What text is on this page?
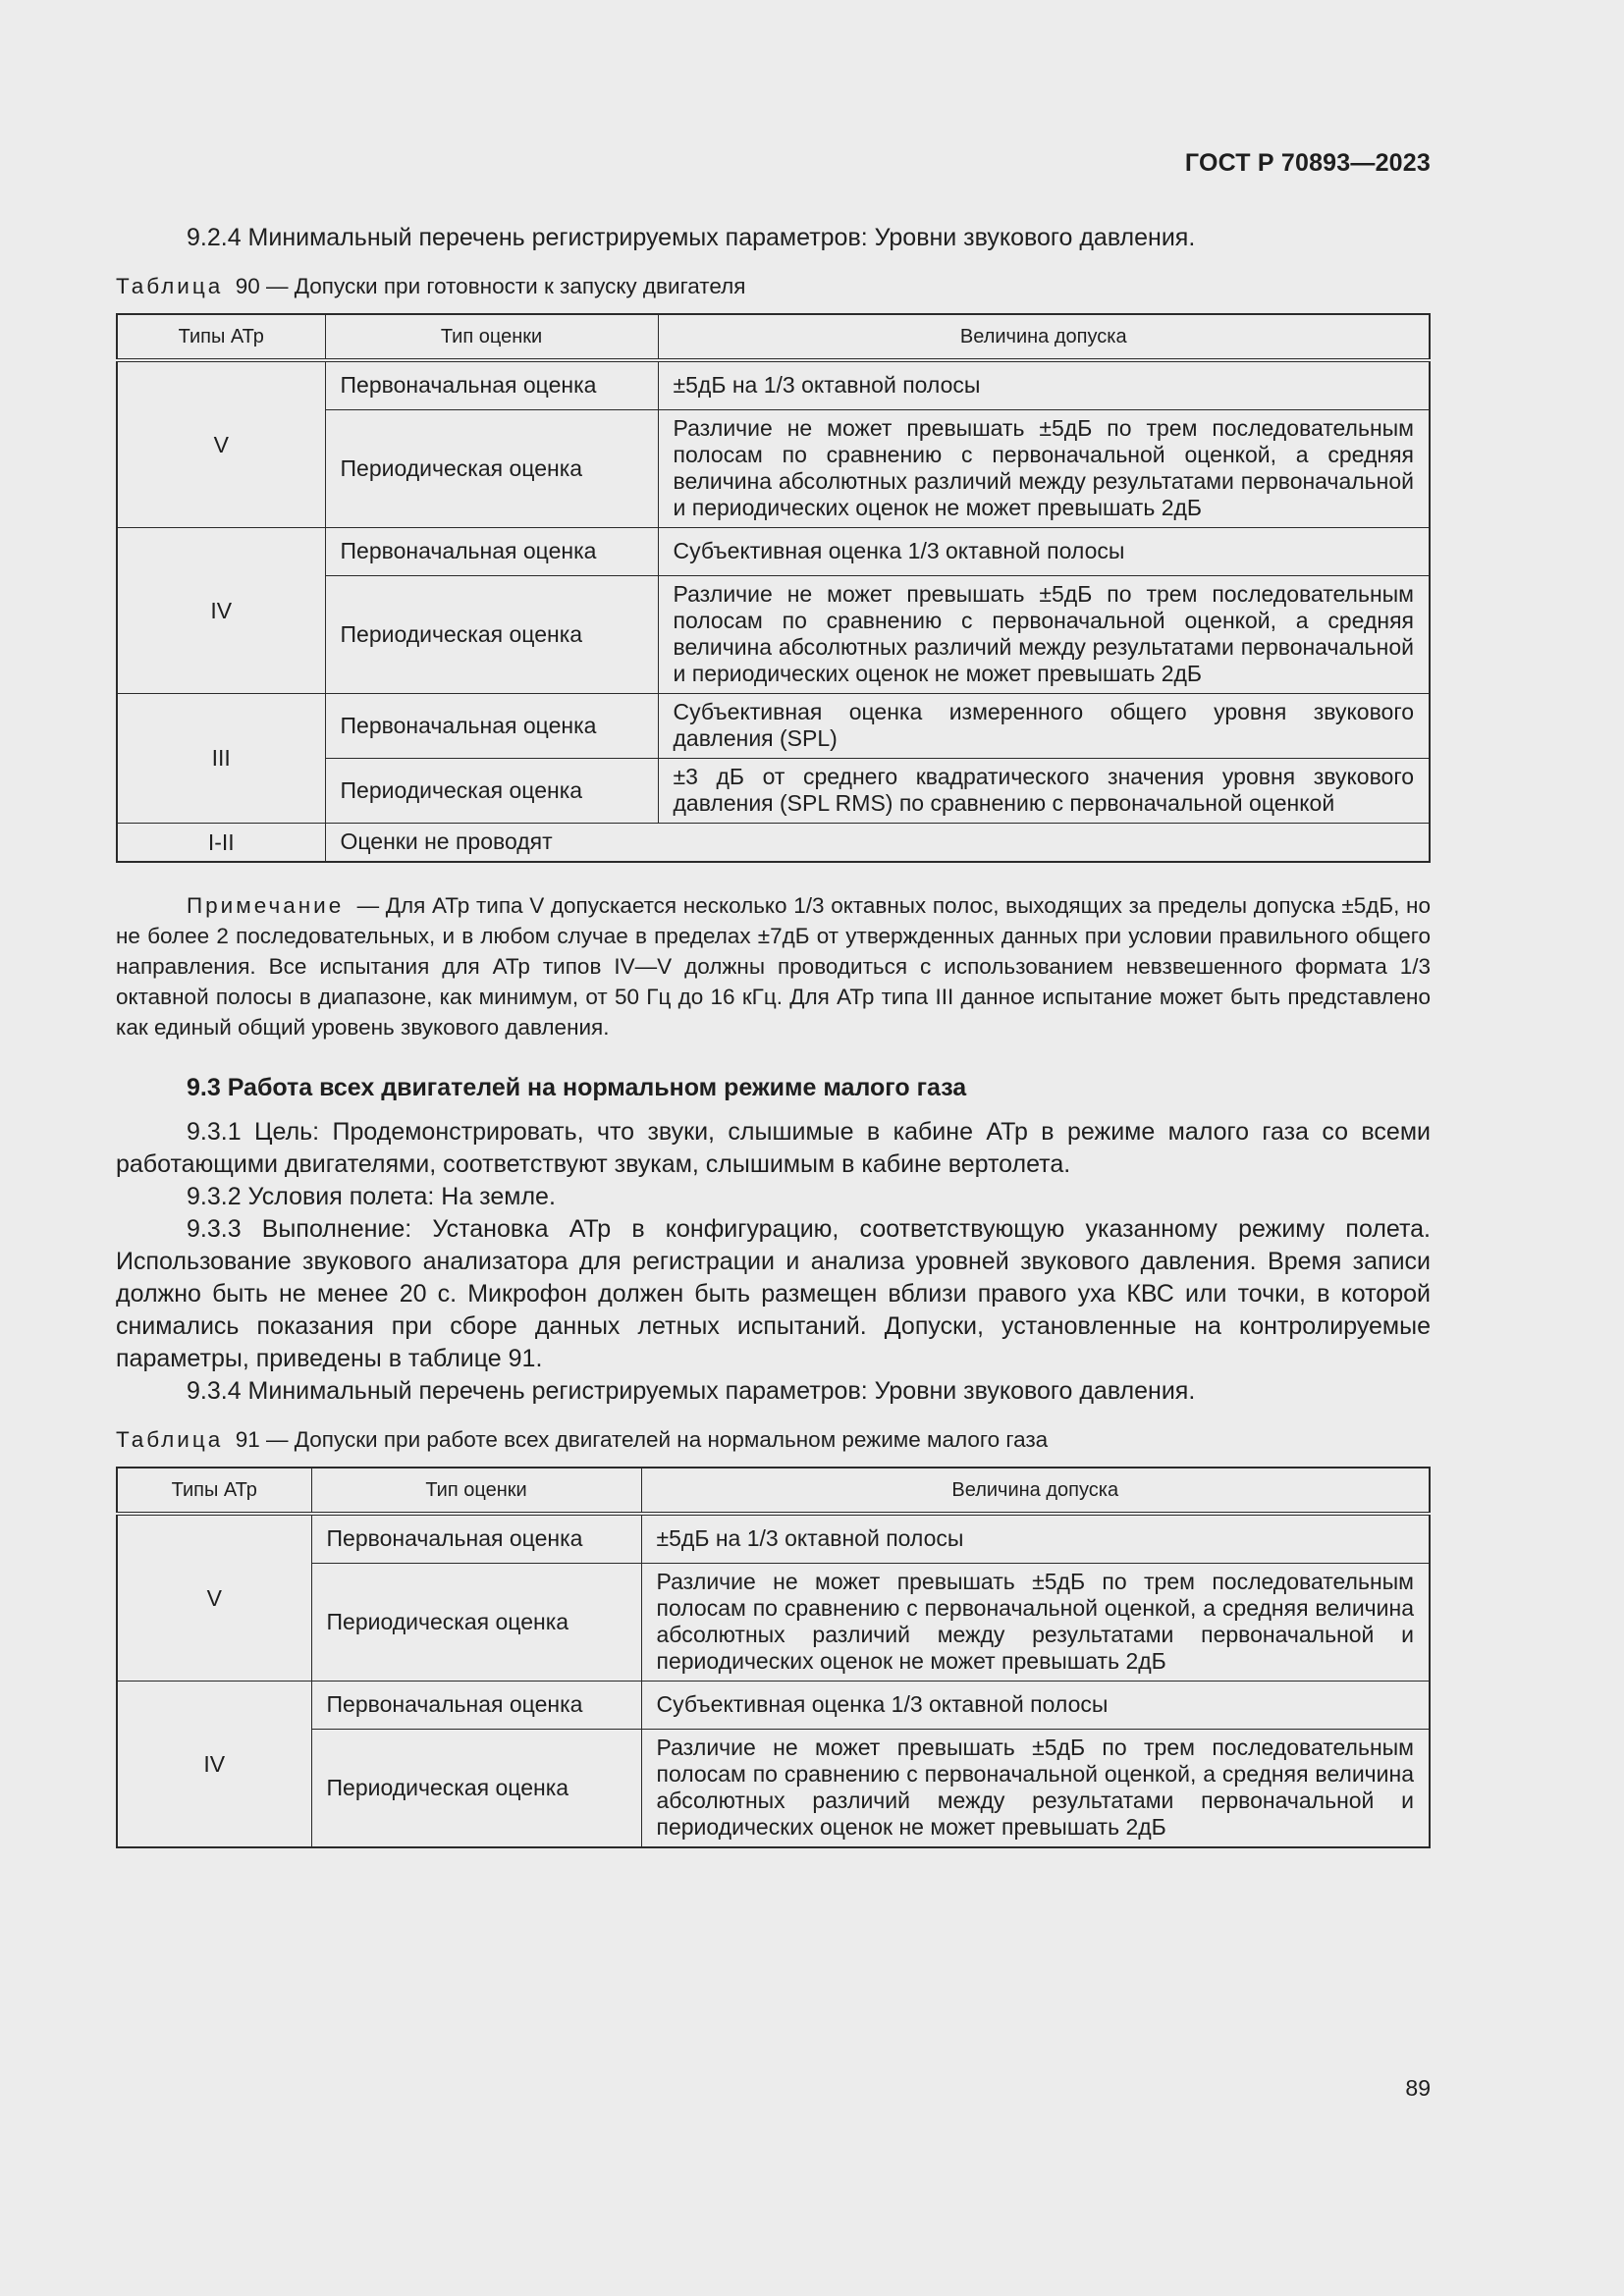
ГОСТ Р 70893—2023

9.2.4 Минимальный перечень регистрируемых параметров: Уровни звукового давления.

Таблица 90 — Допуски при готовности к запуску двигателя

Типы АТр	Тип оценки	Величина допуска
V	Первоначальная оценка	±5дБ на 1/3 октавной полосы
	Периодическая оценка	Различие не может превышать ±5дБ по трем последовательным полосам по сравнению с первоначальной оценкой, а средняя величина абсолютных различий между результатами первоначальной и периодических оценок не может превышать 2дБ
IV	Первоначальная оценка	Субъективная оценка 1/3 октавной полосы
	Периодическая оценка	Различие не может превышать ±5дБ по трем последовательным полосам по сравнению с первоначальной оценкой, а средняя величина абсолютных различий между результатами первоначальной и периодических оценок не может превышать 2дБ
III	Первоначальная оценка	Субъективная оценка измеренного общего уровня звукового давления (SPL)
	Периодическая оценка	±3 дБ от среднего квадратического значения уровня звукового давления (SPL RMS) по сравнению с первоначальной оценкой
I-II	Оценки не проводят	

Примечание — Для АТр типа V допускается несколько 1/3 октавных полос, выходящих за пределы допуска ±5дБ, но не более 2 последовательных, и в любом случае в пределах ±7дБ от утвержденных данных при условии правильного общего направления. Все испытания для АТр типов IV—V должны проводиться с использованием невзвешенного формата 1/3 октавной полосы в диапазоне, как минимум, от 50 Гц до 16 кГц. Для АТр типа III данное испытание может быть представлено как единый общий уровень звукового давления.

9.3 Работа всех двигателей на нормальном режиме малого газа

9.3.1 Цель: Продемонстрировать, что звуки, слышимые в кабине АТр в режиме малого газа со всеми работающими двигателями, соответствуют звукам, слышимым в кабине вертолета.

9.3.2 Условия полета: На земле.

9.3.3 Выполнение: Установка АТр в конфигурацию, соответствующую указанному режиму полета. Использование звукового анализатора для регистрации и анализа уровней звукового давления. Время записи должно быть не менее 20 с. Микрофон должен быть размещен вблизи правого уха КВС или точки, в которой снимались показания при сборе данных летных испытаний. Допуски, установленные на контролируемые параметры, приведены в таблице 91.

9.3.4 Минимальный перечень регистрируемых параметров: Уровни звукового давления.

Таблица 91 — Допуски при работе всех двигателей на нормальном режиме малого газа

Типы АТр	Тип оценки	Величина допуска
V	Первоначальная оценка	±5дБ на 1/3 октавной полосы
	Периодическая оценка	Различие не может превышать ±5дБ по трем последовательным полосам по сравнению с первоначальной оценкой, а средняя величина абсолютных различий между результатами первоначальной и периодических оценок не может превышать 2дБ
IV	Первоначальная оценка	Субъективная оценка 1/3 октавной полосы
	Периодическая оценка	Различие не может превышать ±5дБ по трем последовательным полосам по сравнению с первоначальной оценкой, а средняя величина абсолютных различий между результатами первоначальной и периодических оценок не может превышать 2дБ
89
